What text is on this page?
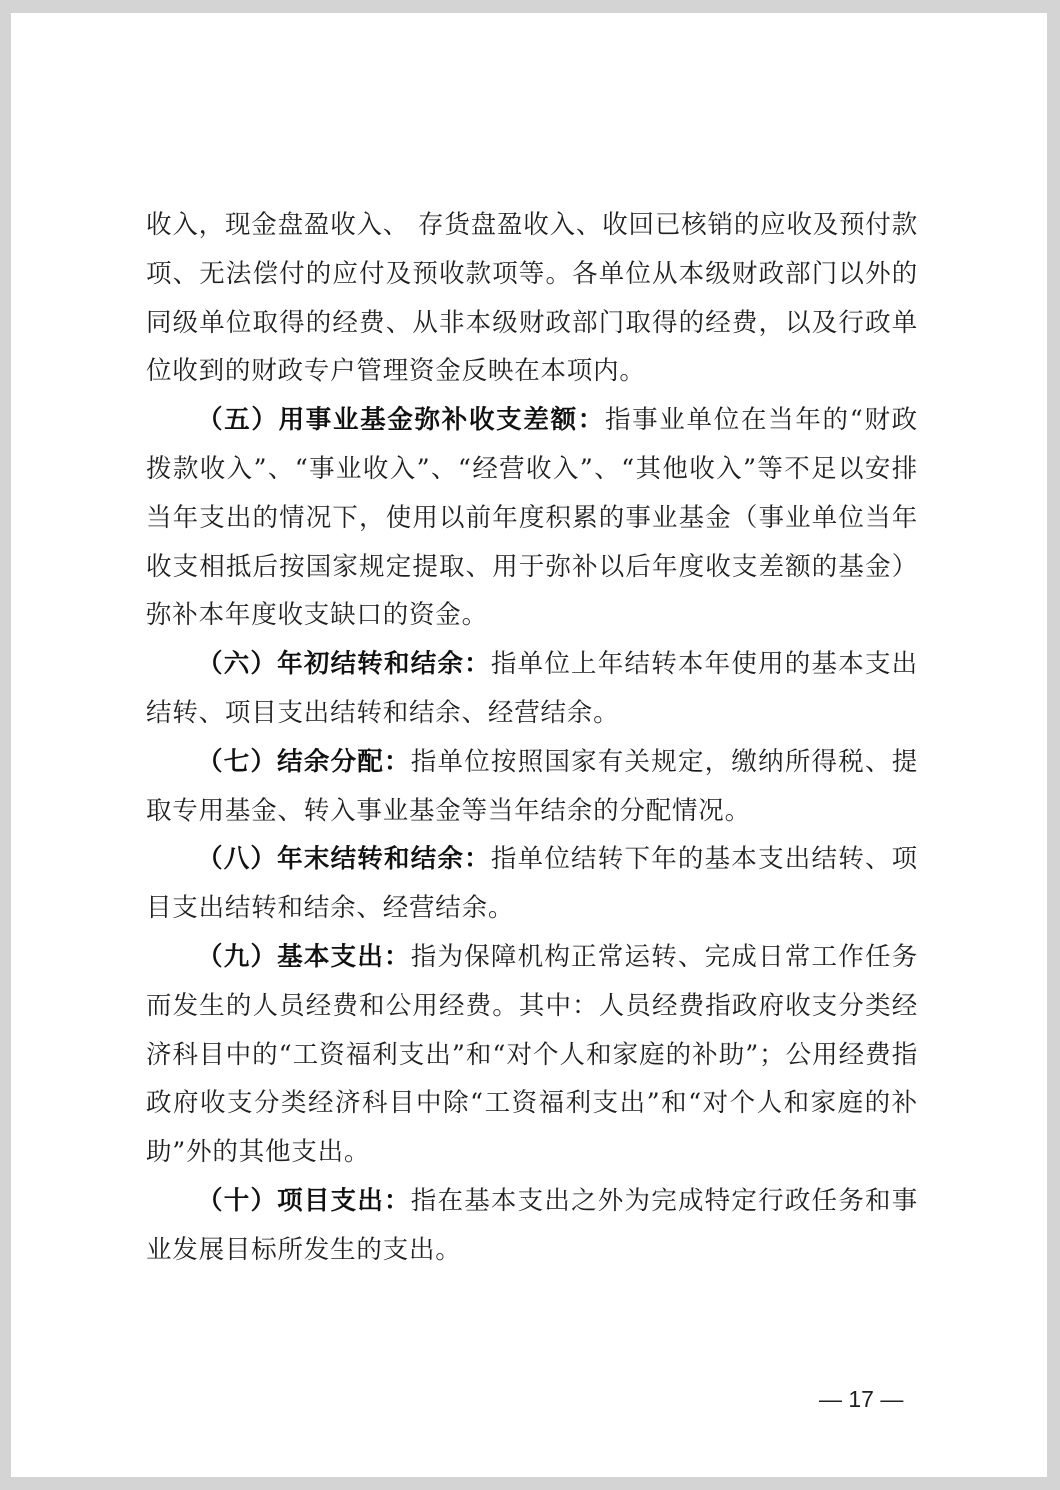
收入，现金盘盈收入、 存货盘盈收入、收回已核销的应收及预付款项、无法偿付的应付及预收款项等。各单位从本级财政部门以外的同级单位取得的经费、从非本级财政部门取得的经费，以及行政单位收到的财政专户管理资金反映在本项内。

（五）用事业基金弥补收支差额：指事业单位在当年的“财政拨款收入”、“事业收入”、“经营收入”、“其他收入”等不足以安排当年支出的情况下，使用以前年度积累的事业基金（事业单位当年收支相抵后按国家规定提取、用于弥补以后年度收支差额的基金）弥补本年度收支缺口的资金。

（六）年初结转和结余：指单位上年结转本年使用的基本支出结转、项目支出结转和结余、经营结余。

（七）结余分配：指单位按照国家有关规定，缴纳所得税、提取专用基金、转入事业基金等当年结余的分配情况。

（八）年末结转和结余：指单位结转下年的基本支出结转、项目支出结转和结余、经营结余。

（九）基本支出：指为保障机构正常运转、完成日常工作任务而发生的人员经费和公用经费。其中：人员经费指政府收支分类经济科目中的“工资福利支出”和“对个人和家庭的补助”；公用经费指政府收支分类经济科目中除“工资福利支出”和“对个人和家庭的补助”外的其他支出。

（十）项目支出：指在基本支出之外为完成特定行政任务和事业发展目标所发生的支出。

— 17 —
